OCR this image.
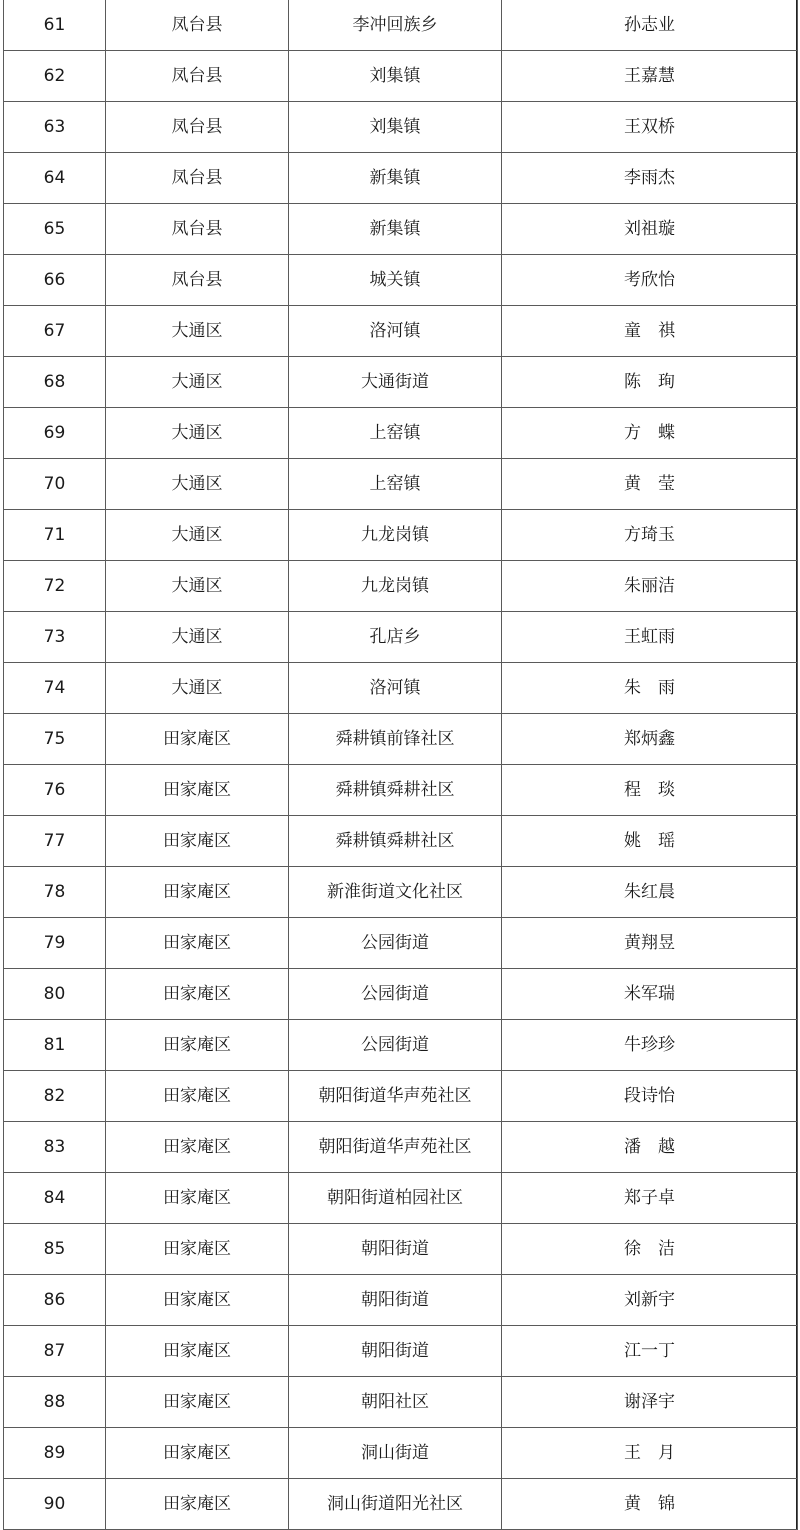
61	凤台县	李冲回族乡	孙志业
62	凤台县	刘集镇	王嘉慧
63	凤台县	刘集镇	王双桥
64	凤台县	新集镇	李雨杰
65	凤台县	新集镇	刘祖璇
66	凤台县	城关镇	考欣怡
67	大通区	洛河镇	童　祺
68	大通区	大通街道	陈　珣
69	大通区	上窑镇	方　蝶
70	大通区	上窑镇	黄　莹
71	大通区	九龙岗镇	方琦玉
72	大通区	九龙岗镇	朱丽洁
73	大通区	孔店乡	王虹雨
74	大通区	洛河镇	朱　雨
75	田家庵区	舜耕镇前锋社区	郑炳鑫
76	田家庵区	舜耕镇舜耕社区	程　琰
77	田家庵区	舜耕镇舜耕社区	姚　瑶
78	田家庵区	新淮街道文化社区	朱红晨
79	田家庵区	公园街道	黄翔昱
80	田家庵区	公园街道	米军瑞
81	田家庵区	公园街道	牛珍珍
82	田家庵区	朝阳街道华声苑社区	段诗怡
83	田家庵区	朝阳街道华声苑社区	潘　越
84	田家庵区	朝阳街道柏园社区	郑子卓
85	田家庵区	朝阳街道	徐　洁
86	田家庵区	朝阳街道	刘新宇
87	田家庵区	朝阳街道	江一丁
88	田家庵区	朝阳社区	谢泽宇
89	田家庵区	洞山街道	王　月
90	田家庵区	洞山街道阳光社区	黄　锦
